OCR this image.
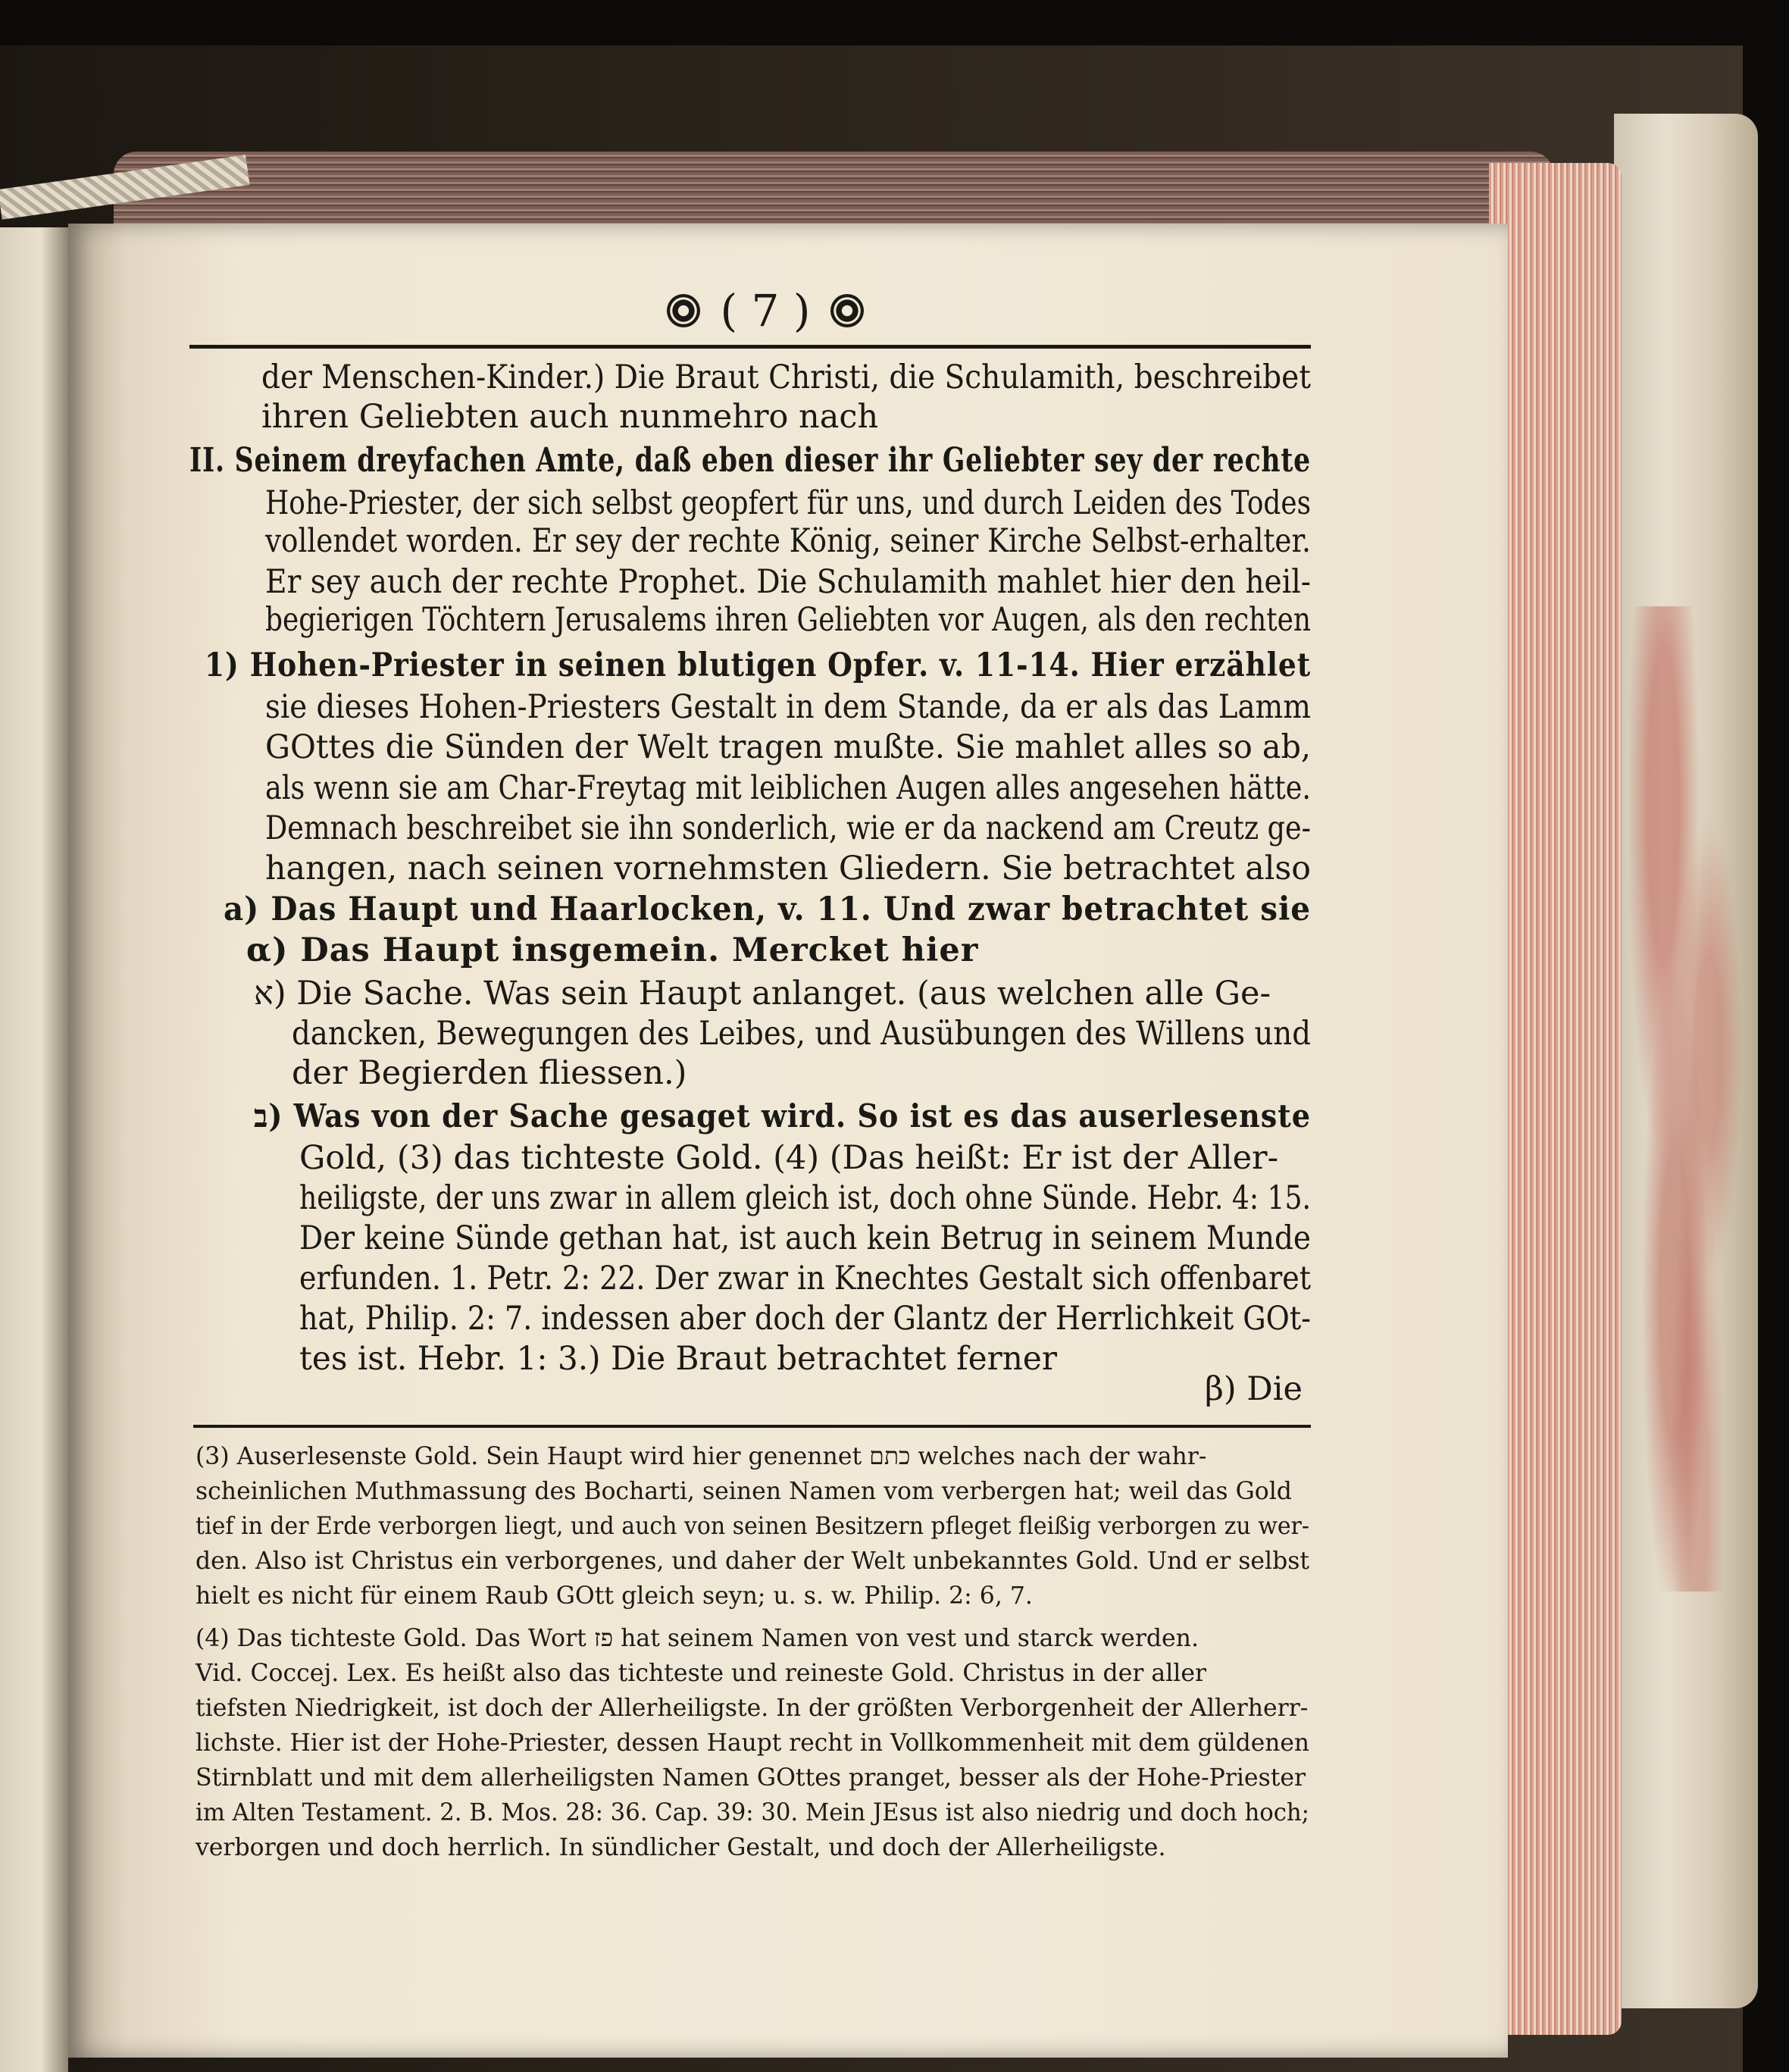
( 7 )
der Menschen-Kinder.) Die Braut Christi, die Schulamith, beschreibet
ihren Geliebten auch nunmehro nach
II. Seinem dreyfachen Amte, daß eben dieser ihr Geliebter sey der rechte
Hohe-Priester, der sich selbst geopfert für uns, und durch Leiden des Todes
vollendet worden. Er sey der rechte König, seiner Kirche Selbst-erhalter.
Er sey auch der rechte Prophet. Die Schulamith mahlet hier den heil-
begierigen Töchtern Jerusalems ihren Geliebten vor Augen, als den rechten
1) Hohen-Priester in seinen blutigen Opfer. v. 11-14. Hier erzählet
sie dieses Hohen-Priesters Gestalt in dem Stande, da er als das Lamm
GOttes die Sünden der Welt tragen mußte. Sie mahlet alles so ab,
als wenn sie am Char-Freytag mit leiblichen Augen alles angesehen hätte.
Demnach beschreibet sie ihn sonderlich, wie er da nackend am Creutz ge-
hangen, nach seinen vornehmsten Gliedern. Sie betrachtet also
a) Das Haupt und Haarlocken, v. 11. Und zwar betrachtet sie
α) Das Haupt insgemein. Mercket hier
א) Die Sache. Was sein Haupt anlanget. (aus welchen alle Ge-
dancken, Bewegungen des Leibes, und Ausübungen des Willens und
der Begierden fliessen.)
ב) Was von der Sache gesaget wird. So ist es das auserlesenste
Gold, (3) das tichteste Gold. (4) (Das heißt: Er ist der Aller-
heiligste, der uns zwar in allem gleich ist, doch ohne Sünde. Hebr. 4: 15.
Der keine Sünde gethan hat, ist auch kein Betrug in seinem Munde
erfunden. 1. Petr. 2: 22. Der zwar in Knechtes Gestalt sich offenbaret
hat, Philip. 2: 7. indessen aber doch der Glantz der Herrlichkeit GOt-
tes ist. Hebr. 1: 3.) Die Braut betrachtet ferner
β) Die
(3) Auserlesenste Gold. Sein Haupt wird hier genennet כתם welches nach der wahr-
scheinlichen Muthmassung des Bocharti, seinen Namen vom verbergen hat; weil das Gold
tief in der Erde verborgen liegt, und auch von seinen Besitzern pfleget fleißig verborgen zu wer-
den. Also ist Christus ein verborgenes, und daher der Welt unbekanntes Gold. Und er selbst
hielt es nicht für einem Raub GOtt gleich seyn; u. s. w. Philip. 2: 6, 7.
(4) Das tichteste Gold. Das Wort פז hat seinem Namen von vest und starck werden.
Vid. Coccej. Lex. Es heißt also das tichteste und reineste Gold. Christus in der aller
tiefsten Niedrigkeit, ist doch der Allerheiligste. In der größten Verborgenheit der Allerherr-
lichste. Hier ist der Hohe-Priester, dessen Haupt recht in Vollkommenheit mit dem güldenen
Stirnblatt und mit dem allerheiligsten Namen GOttes pranget, besser als der Hohe-Priester
im Alten Testament. 2. B. Mos. 28: 36. Cap. 39: 30. Mein JEsus ist also niedrig und doch hoch;
verborgen und doch herrlich. In sündlicher Gestalt, und doch der Allerheiligste.
